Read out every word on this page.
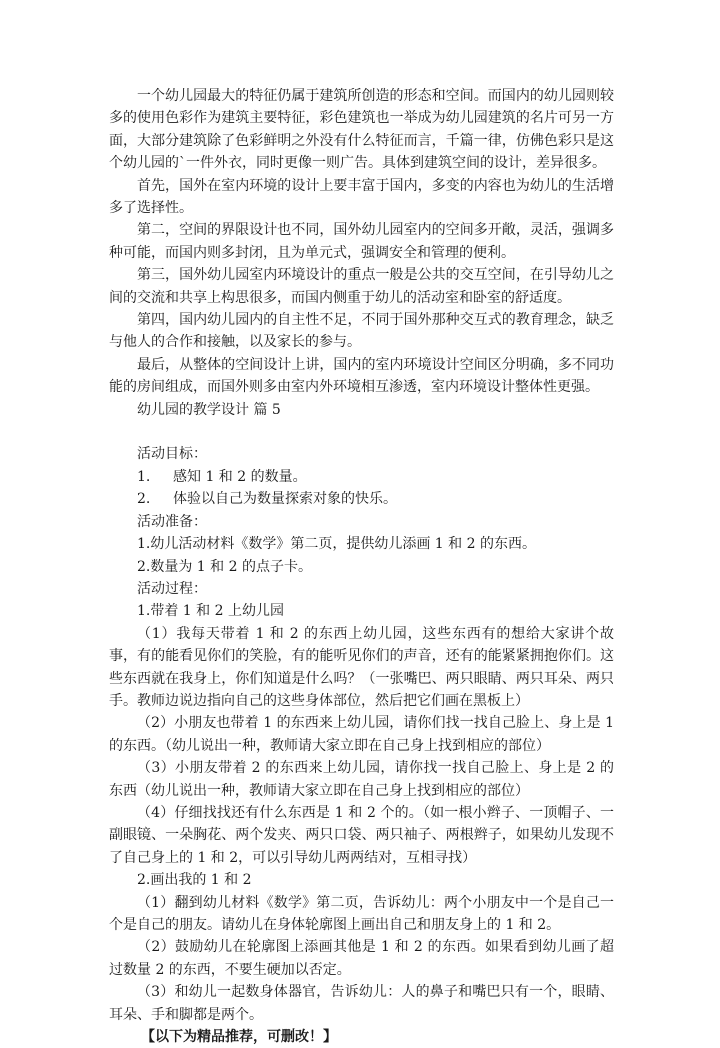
一个幼儿园最大的特征仍属于建筑所创造的形态和空间。而国内的幼儿园则较多的使用色彩作为建筑主要特征，彩色建筑也一举成为幼儿园建筑的名片可另一方面，大部分建筑除了色彩鲜明之外没有什么特征而言，千篇一律，仿佛色彩只是这个幼儿园的`一件外衣，同时更像一则广告。具体到建筑空间的设计，差异很多。

首先，国外在室内环境的设计上要丰富于国内，多变的内容也为幼儿的生活增多了选择性。

第二，空间的界限设计也不同，国外幼儿园室内的空间多开敞，灵活，强调多种可能，而国内则多封闭，且为单元式，强调安全和管理的便利。

第三，国外幼儿园室内环境设计的重点一般是公共的交互空间，在引导幼儿之间的交流和共享上构思很多，而国内侧重于幼儿的活动室和卧室的舒适度。

第四，国内幼儿园内的自主性不足，不同于国外那种交互式的教育理念，缺乏与他人的合作和接触，以及家长的参与。

最后，从整体的空间设计上讲，国内的室内环境设计空间区分明确，多不同功能的房间组成，而国外则多由室内外环境相互渗透，室内环境设计整体性更强。

幼儿园的教学设计 篇 5

活动目标：

1. 感知 1 和 2 的数量。

2. 体验以自己为数量探索对象的快乐。

活动准备：

1.幼儿活动材料《数学》第二页，提供幼儿添画 1 和 2 的东西。

2.数量为 1 和 2 的点子卡。

活动过程：

1.带着 1 和 2 上幼儿园

（1）我每天带着 1 和 2 的东西上幼儿园，这些东西有的想给大家讲个故事，有的能看见你们的笑脸，有的能听见你们的声音，还有的能紧紧拥抱你们。这些东西就在我身上，你们知道是什么吗？（一张嘴巴、两只眼睛、两只耳朵、两只手。教师边说边指向自己的这些身体部位，然后把它们画在黑板上）

（2）小朋友也带着 1 的东西来上幼儿园，请你们找一找自己脸上、身上是 1 的东西。（幼儿说出一种，教师请大家立即在自己身上找到相应的部位）

（3）小朋友带着 2 的东西来上幼儿园，请你找一找自己脸上、身上是 2 的东西（幼儿说出一种，教师请大家立即在自己身上找到相应的部位）

（4）仔细找找还有什么东西是 1 和 2 个的。（如一根小辫子、一顶帽子、一副眼镜、一朵胸花、两个发夹、两只口袋、两只袖子、两根辫子，如果幼儿发现不了自己身上的 1 和 2，可以引导幼儿两两结对，互相寻找）

2.画出我的 1 和 2

（1）翻到幼儿材料《数学》第二页，告诉幼儿：两个小朋友中一个是自己一个是自己的朋友。请幼儿在身体轮廓图上画出自己和朋友身上的 1 和 2。

（2）鼓励幼儿在轮廓图上添画其他是 1 和 2 的东西。如果看到幼儿画了超过数量 2 的东西，不要生硬加以否定。

（3）和幼儿一起数身体器官，告诉幼儿：人的鼻子和嘴巴只有一个，眼睛、耳朵、手和脚都是两个。

【以下为精品推荐，可删改！】
